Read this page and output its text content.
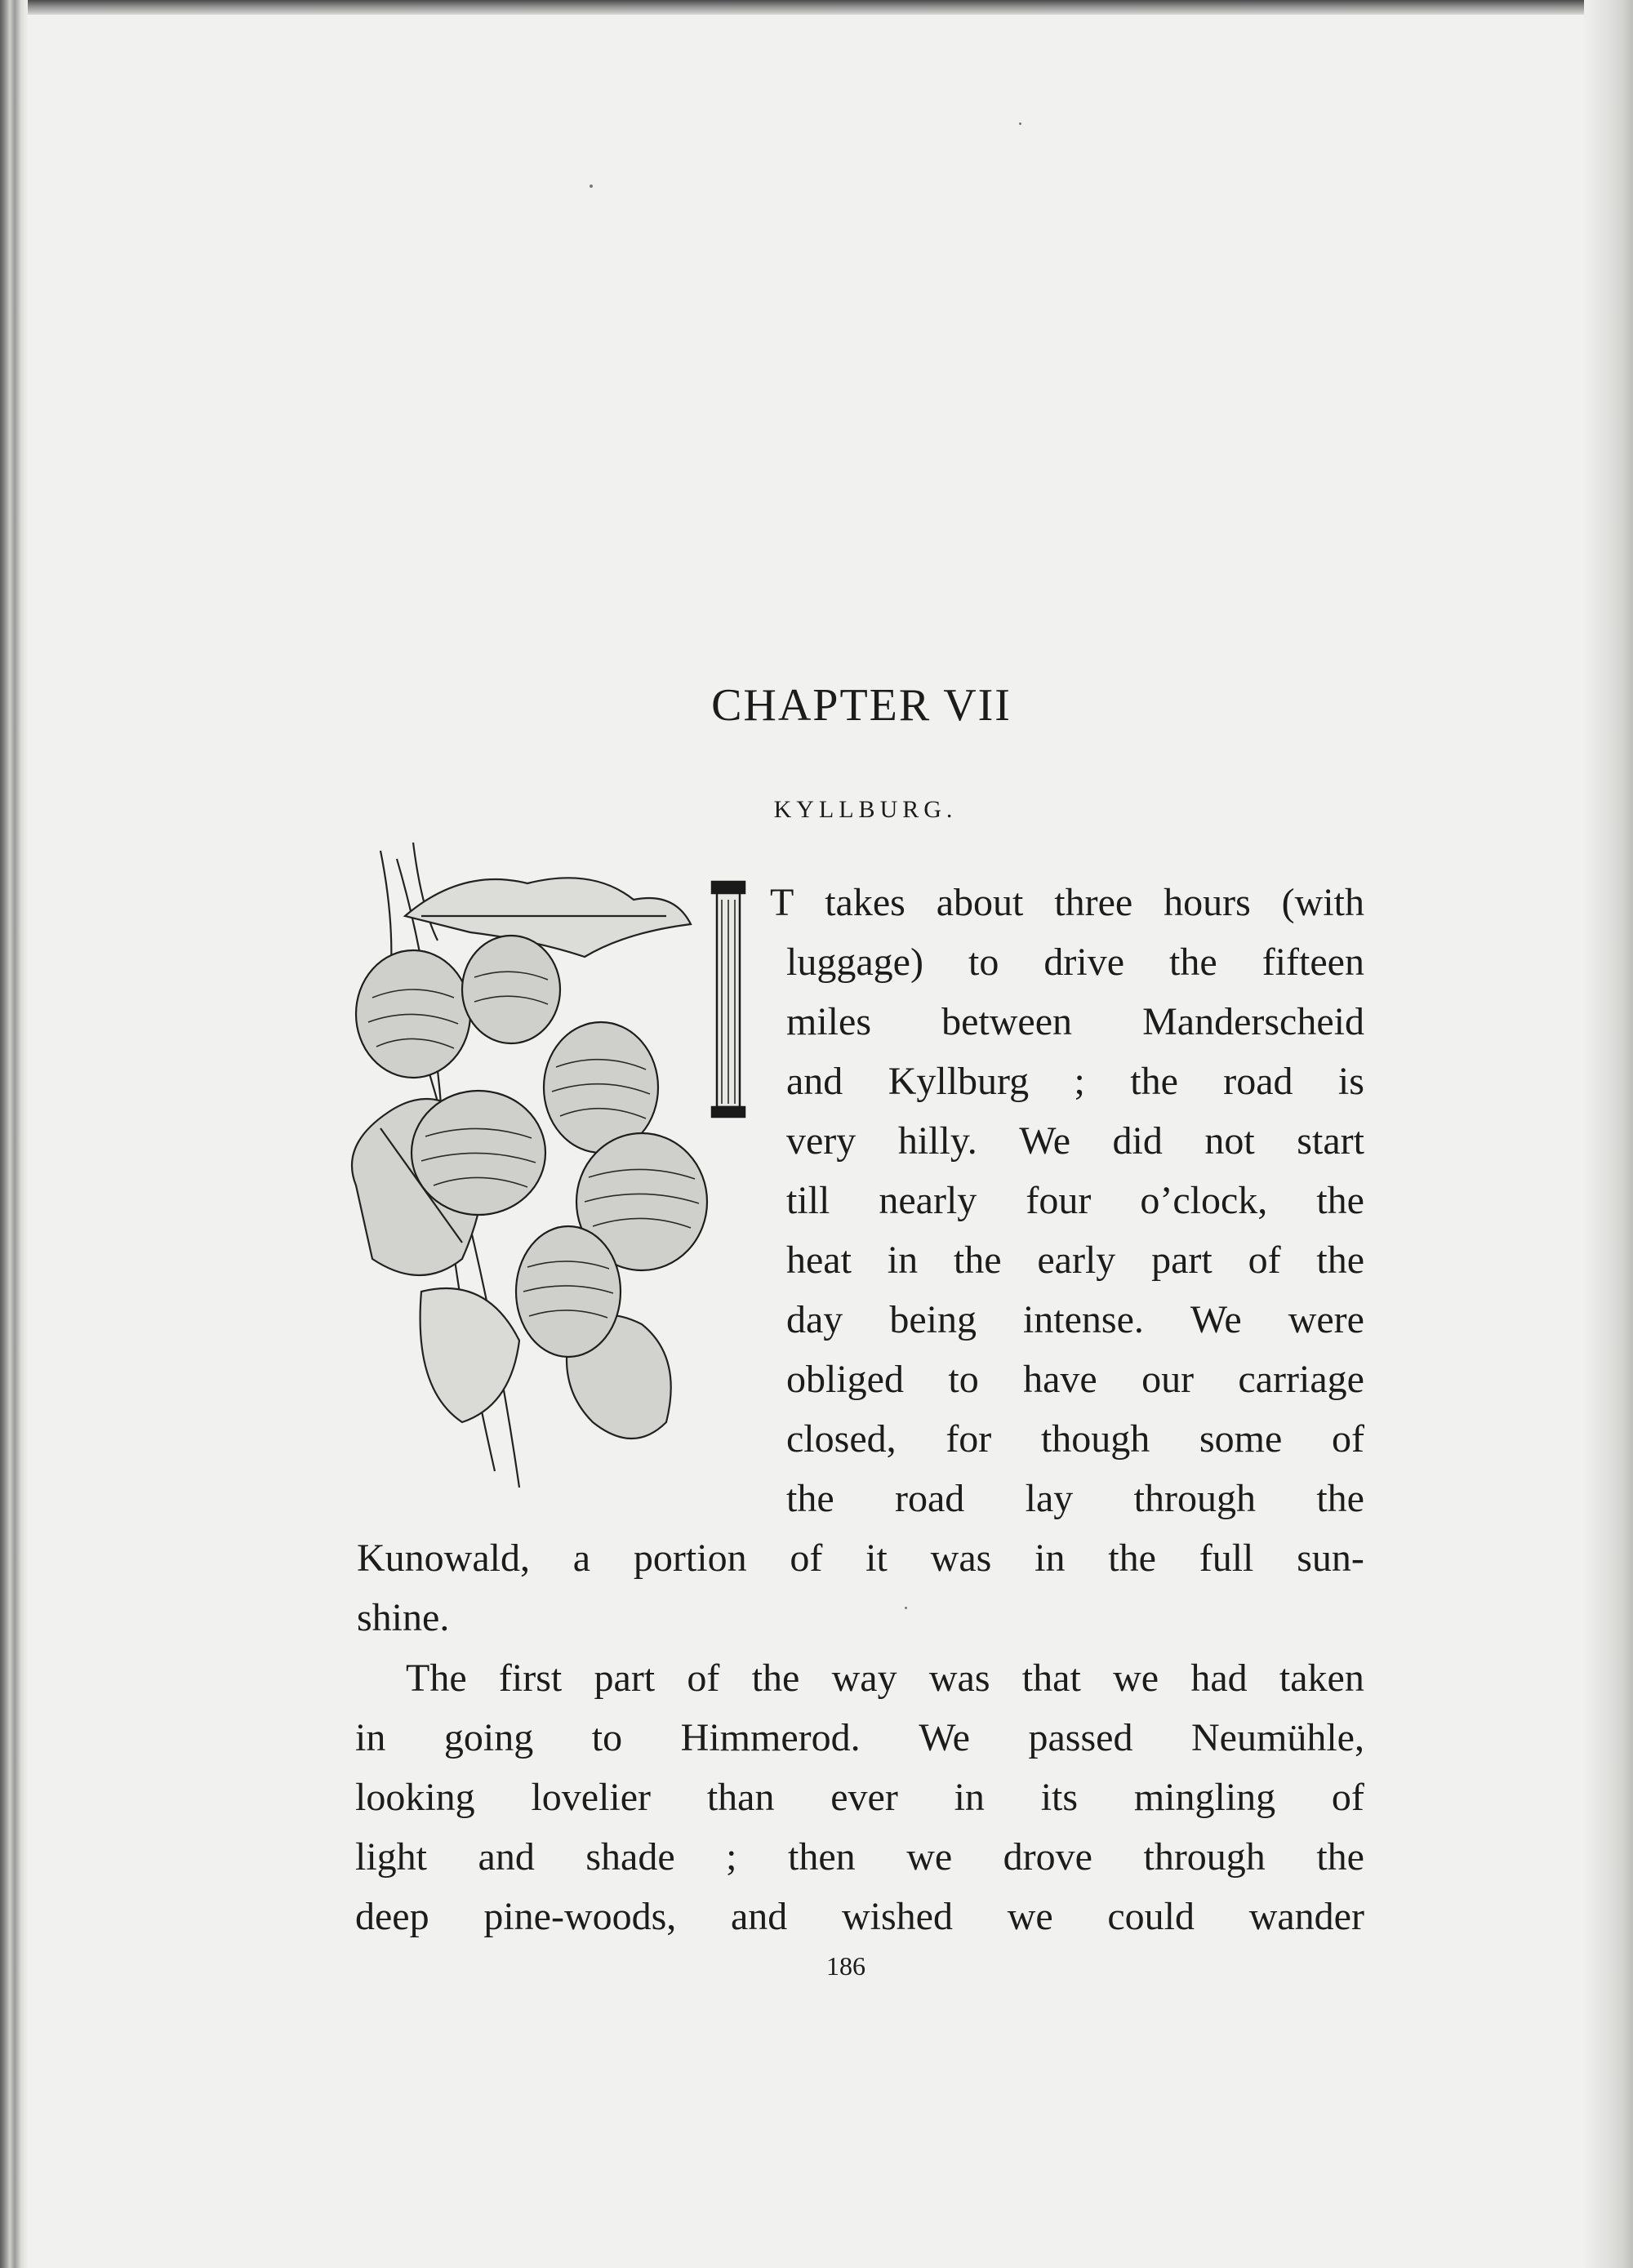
CHAPTER VII
KYLLBURG.
T takes about three hours (with
luggage) to drive the fifteen
miles between Manderscheid
and Kyllburg ; the road is
very hilly. We did not start
till nearly four o’clock, the
heat in the early part of the
day being intense. We were
obliged to have our carriage
closed, for though some of
the road lay through the
Kunowald, a portion of it was in the full sun-
shine.
The first part of the way was that we had taken
in going to Himmerod. We passed Neumühle,
looking lovelier than ever in its mingling of
light and shade ; then we drove through the
deep pine-woods, and wished we could wander
186
